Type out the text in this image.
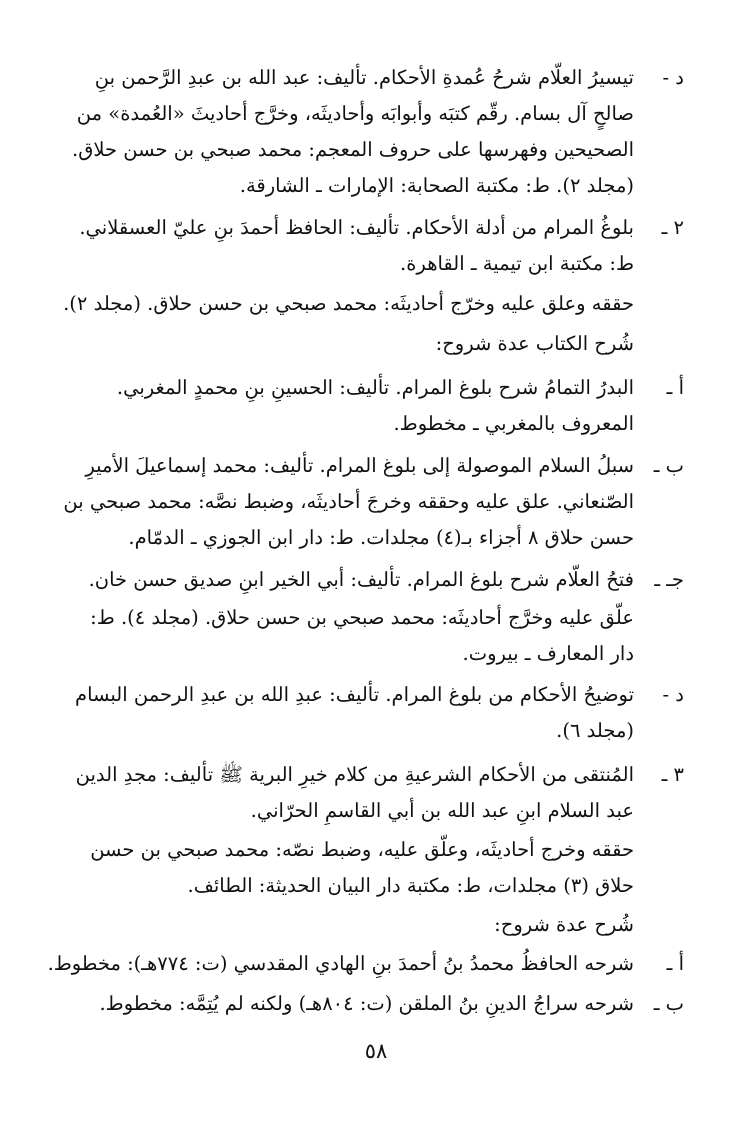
د -
تيسيرُ العلّام شرحُ عُمدةِ الأحكام. تأليف: عبد الله بن عبدِ الرَّحمن بنِ
صالحٍ آل بسام. رقّم كتبَه وأبوابَه وأحاديثَه، وخرَّج أحاديثَ «العُمدة» من
الصحيحين وفهرسها على حروف المعجم: محمد صبحي بن حسن حلاق.
(مجلد ٢). ط: مكتبة الصحابة: الإمارات ـ الشارقة.
٢ ـ
بلوغُ المرام من أدلة الأحكام. تأليف: الحافظ أحمدَ بنِ عليّ العسقلاني.
ط: مكتبة ابن تيمية ـ القاهرة.
حققه وعلق عليه وخرّج أحاديثَه: محمد صبحي بن حسن حلاق. (مجلد ٢).
شُرح الكتاب عدة شروح:
أ ـ
البدرُ التمامُ شرح بلوغ المرام. تأليف: الحسينِ بنِ محمدٍ المغربي.
المعروف بالمغربي ـ مخطوط.
ب ـ
سبلُ السلام الموصولة إلى بلوغ المرام. تأليف: محمد إسماعيلَ الأميرِ
الصّنعاني. علق عليه وحققه وخرجَ أحاديثَه، وضبط نصَّه: محمد صبحي بن
حسن حلاق ٨ أجزاء بـ(٤) مجلدات. ط: دار ابن الجوزي ـ الدمّام.
جـ ـ
فتحُ العلّام شرح بلوغ المرام. تأليف: أبي الخير ابنِ صديق حسن خان.
علّق عليه وخرَّج أحاديثَه: محمد صبحي بن حسن حلاق. (مجلد ٤). ط:
دار المعارف ـ بيروت.
د -
توضيحُ الأحكام من بلوغ المرام. تأليف: عبدِ الله بن عبدِ الرحمن البسام
(مجلد ٦).
٣ ـ
المُنتقى من الأحكام الشرعيةِ من كلام خيرِ البرية ﷺ تأليف: مجدِ الدين
عبد السلام ابنِ عبد الله بن أبي القاسمِ الحرّاني.
حققه وخرج أحاديثَه، وعلّق عليه، وضبط نصّه: محمد صبحي بن حسن
حلاق (٣) مجلدات، ط: مكتبة دار البيان الحديثة: الطائف.
شُرح عدة شروح:
أ ـ
شرحه الحافظُ محمدُ بنُ أحمدَ بنِ الهادي المقدسي (ت: ٧٧٤هـ): مخطوط.
ب ـ
شرحه سراجُ الدينِ بنُ الملقن (ت: ٨٠٤هـ) ولكنه لم يُتِمَّه: مخطوط.
٥٨
